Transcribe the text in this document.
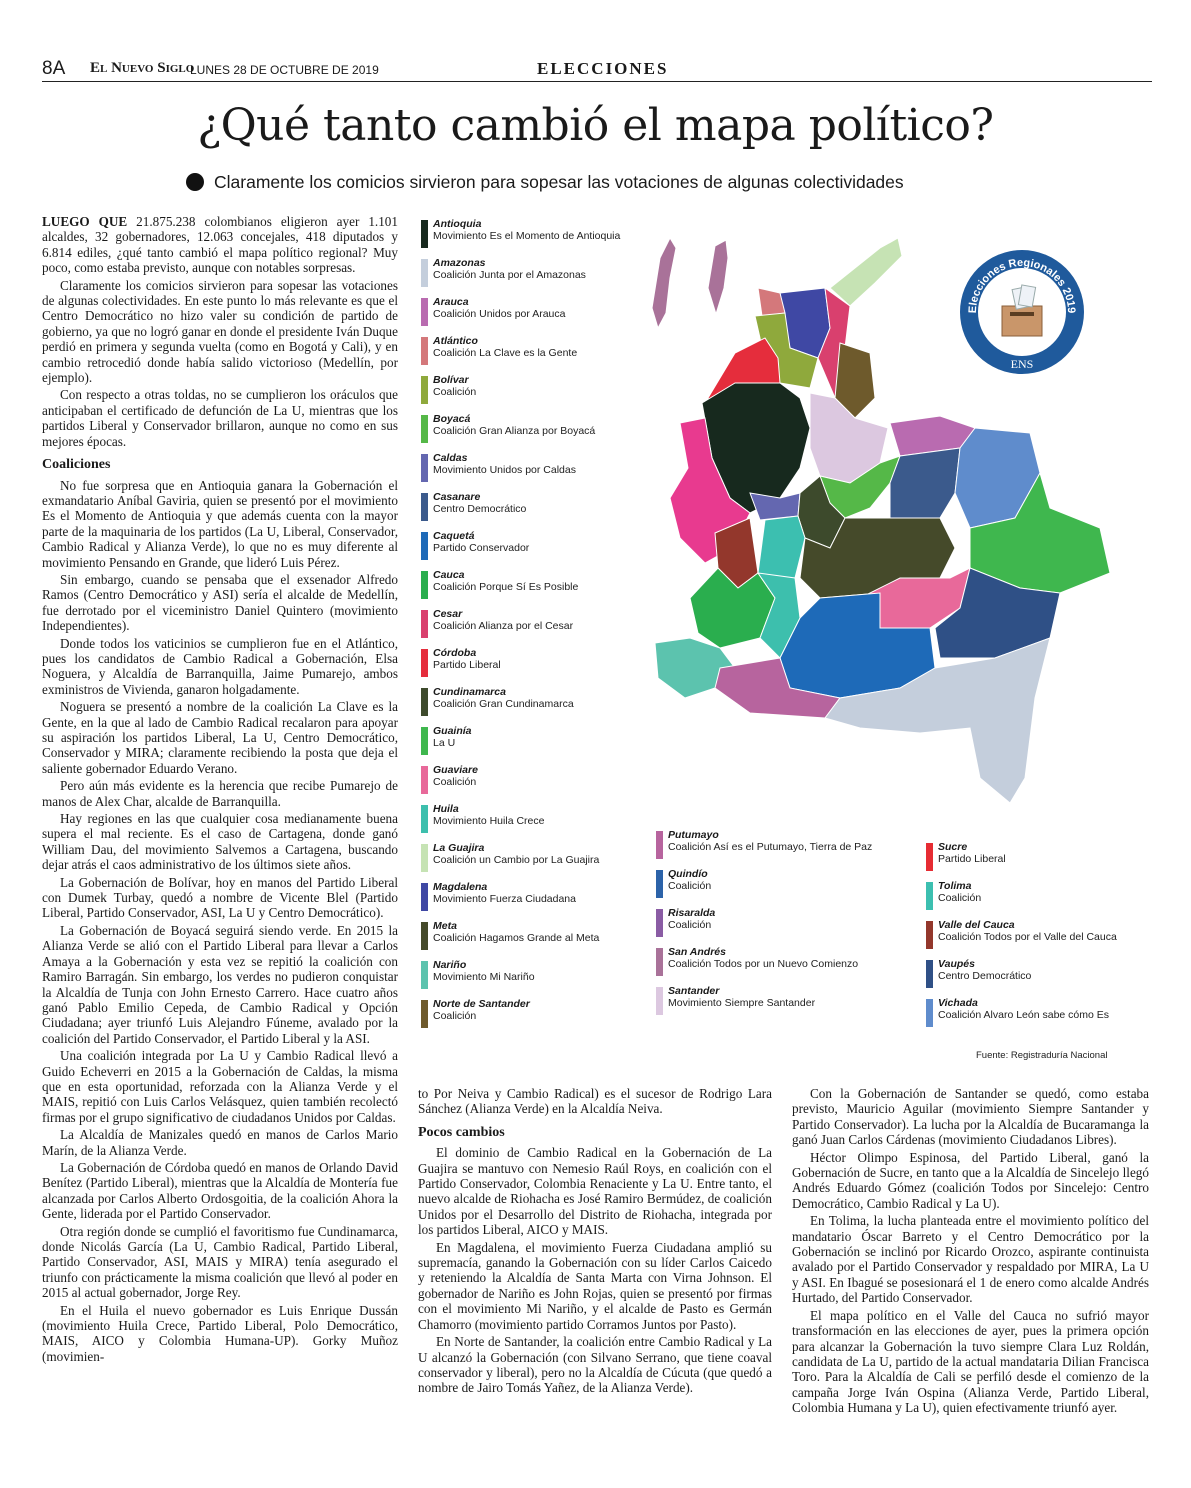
8A El Nuevo Siglo
LUNES 28 DE OCTUBRE DE 2019	ELECCIONES
¿Qué tanto cambió el mapa político?
Claramente los comicios sirvieron para sopesar las votaciones de algunas colectividades

LUEGO QUE 21.875.238 colombianos eligieron ayer 1.101 alcaldes, 32 gobernadores, 12.063 concejales, 418 diputados y 6.814 ediles, ¿qué tanto cambió el mapa político regional? Muy poco, como estaba previsto, aunque con notables sorpresas.

Claramente los comicios sirvieron para sopesar las votaciones de algunas colectividades. En este punto lo más relevante es que el Centro Democrático no hizo valer su condición de partido de gobierno, ya que no logró ganar en donde el presidente Iván Duque perdió en primera y segunda vuelta (como en Bogotá y Cali), y en cambio retrocedió donde había salido victorioso (Medellín, por ejemplo).

Con respecto a otras toldas, no se cumplieron los oráculos que anticipaban el certificado de defunción de La U, mientras que los partidos Liberal y Conservador brillaron, aunque no como en sus mejores épocas.

Coaliciones

No fue sorpresa que en Antioquia ganara la Gobernación el exmandatario Aníbal Gaviria, quien se presentó por el movimiento Es el Momento de Antioquia y que además cuenta con la mayor parte de la maquinaria de los partidos (La U, Liberal, Conservador, Cambio Radical y Alianza Verde), lo que no es muy diferente al movimiento Pensando en Grande, que lideró Luis Pérez.

Sin embargo, cuando se pensaba que el exsenador Alfredo Ramos (Centro Democrático y ASI) sería el alcalde de Medellín, fue derrotado por el viceministro Daniel Quintero (movimiento Independientes).

Donde todos los vaticinios se cumplieron fue en el Atlántico, pues los candidatos de Cambio Radical a Gobernación, Elsa Noguera, y Alcaldía de Barranquilla, Jaime Pumarejo, ambos exministros de Vivienda, ganaron holgadamente.

Noguera se presentó a nombre de la coalición La Clave es la Gente, en la que al lado de Cambio Radical recalaron para apoyar su aspiración los partidos Liberal, La U, Centro Democrático, Conservador y MIRA; claramente recibiendo la posta que deja el saliente gobernador Eduardo Verano.

Pero aún más evidente es la herencia que recibe Pumarejo de manos de Alex Char, alcalde de Barranquilla.

Hay regiones en las que cualquier cosa medianamente buena supera el mal reciente. Es el caso de Cartagena, donde ganó William Dau, del movimiento Salvemos a Cartagena, buscando dejar atrás el caos administrativo de los últimos siete años.

La Gobernación de Bolívar, hoy en manos del Partido Liberal con Dumek Turbay, quedó a nombre de Vicente Blel (Partido Liberal, Partido Conservador, ASI, La U y Centro Democrático).

La Gobernación de Boyacá seguirá siendo verde. En 2015 la Alianza Verde se alió con el Partido Liberal para llevar a Carlos Amaya a la Gobernación y esta vez se repitió la coalición con Ramiro Barragán. Sin embargo, los verdes no pudieron conquistar la Alcaldía de Tunja con John Ernesto Carrero. Hace cuatro años ganó Pablo Emilio Cepeda, de Cambio Radical y Opción Ciudadana; ayer triunfó Luis Alejandro Fúneme, avalado por la coalición del Partido Conservador, el Partido Liberal y la ASI.

Una coalición integrada por La U y Cambio Radical llevó a Guido Echeverri en 2015 a la Gobernación de Caldas, la misma que en esta oportunidad, reforzada con la Alianza Verde y el MAIS, repitió con Luis Carlos Velásquez, quien también recolectó firmas por el grupo significativo de ciudadanos Unidos por Caldas.

La Alcaldía de Manizales quedó en manos de Carlos Mario Marín, de la Alianza Verde.

La Gobernación de Córdoba quedó en manos de Orlando David Benítez (Partido Liberal), mientras que la Alcaldía de Montería fue alcanzada por Carlos Alberto Ordosgoitia, de la coalición Ahora la Gente, liderada por el Partido Conservador.

Otra región donde se cumplió el favoritismo fue Cundinamarca, donde Nicolás García (La U, Cambio Radical, Partido Liberal, Partido Conservador, ASI, MAIS y MIRA) tenía asegurado el triunfo con prácticamente la misma coalición que llevó al poder en 2015 al actual gobernador, Jorge Rey.

En el Huila el nuevo gobernador es Luis Enrique Dussán (movimiento Huila Crece, Partido Liberal, Polo Democrático, MAIS, AICO y Colombia Humana-UP). Gorky Muñoz (movimien-

to Por Neiva y Cambio Radical) es el sucesor de Rodrigo Lara Sánchez (Alianza Verde) en la Alcaldía Neiva.

Pocos cambios

El dominio de Cambio Radical en la Gobernación de La Guajira se mantuvo con Nemesio Raúl Roys, en coalición con el Partido Conservador, Colombia Renaciente y La U. Entre tanto, el nuevo alcalde de Riohacha es José Ramiro Bermúdez, de coalición Unidos por el Desarrollo del Distrito de Riohacha, integrada por los partidos Liberal, AICO y MAIS.

En Magdalena, el movimiento Fuerza Ciudadana amplió su supremacía, ganando la Gobernación con su líder Carlos Caicedo y reteniendo la Alcaldía de Santa Marta con Virna Johnson. El gobernador de Nariño es John Rojas, quien se presentó por firmas con el movimiento Mi Nariño, y el alcalde de Pasto es Germán Chamorro (movimiento partido Corramos Juntos por Pasto).

En Norte de Santander, la coalición entre Cambio Radical y La U alcanzó la Gobernación (con Silvano Serrano, que tiene coaval conservador y liberal), pero no la Alcaldía de Cúcuta (que quedó a nombre de Jairo Tomás Yañez, de la Alianza Verde).

Con la Gobernación de Santander se quedó, como estaba previsto, Mauricio Aguilar (movimiento Siempre Santander y Partido Conservador). La lucha por la Alcaldía de Bucaramanga la ganó Juan Carlos Cárdenas (movimiento Ciudadanos Libres).

Héctor Olimpo Espinosa, del Partido Liberal, ganó la Gobernación de Sucre, en tanto que a la Alcaldía de Sincelejo llegó Andrés Eduardo Gómez (coalición Todos por Sincelejo: Centro Democrático, Cambio Radical y La U).

En Tolima, la lucha planteada entre el movimiento político del mandatario Óscar Barreto y el Centro Democrático por la Gobernación se inclinó por Ricardo Orozco, aspirante continuista avalado por el Partido Conservador y respaldado por MIRA, La U y ASI. En Ibagué se posesionará el 1 de enero como alcalde Andrés Hurtado, del Partido Conservador.

El mapa político en el Valle del Cauca no sufrió mayor transformación en las elecciones de ayer, pues la primera opción para alcanzar la Gobernación la tuvo siempre Clara Luz Roldán, candidata de La U, partido de la actual mandataria Dilian Francisca Toro. Para la Alcaldía de Cali se perfiló desde el comienzo de la campaña Jorge Iván Ospina (Alianza Verde, Partido Liberal, Colombia Humana y La U), quien efectivamente triunfó ayer.

Antioquia
Movimiento Es el Momento de Antioquia
Amazonas
Coalición Junta por el Amazonas
Arauca
Coalición Unidos por Arauca
Atlántico
Coalición La Clave es la Gente
Bolívar
Coalición
Boyacá
Coalición Gran Alianza por Boyacá
Caldas
Movimiento Unidos por Caldas
Casanare
Centro Democrático
Caquetá
Partido Conservador
Cauca
Coalición Porque Sí Es Posible
Cesar
Coalición Alianza por el Cesar
Córdoba
Partido Liberal
Cundinamarca
Coalición Gran Cundinamarca
Guainía
La U
Guaviare
Coalición
Huila
Movimiento Huila Crece
La Guajira
Coalición un Cambio por La Guajira
Magdalena
Movimiento Fuerza Ciudadana
Meta
Coalición Hagamos Grande al Meta
Nariño
Movimiento Mi Nariño
Norte de Santander
Coalición
Putumayo
Coalición Así es el Putumayo, Tierra de Paz
Quindío
Coalición
Risaralda
Coalición
San Andrés
Coalición Todos por un Nuevo Comienzo
Santander
Movimiento Siempre Santander
Sucre
Partido Liberal
Tolima
Coalición
Valle del Cauca
Coalición Todos por el Valle del Cauca
Vaupés
Centro Democrático
Vichada
Coalición Alvaro León sabe cómo Es
Fuente: Registraduría Nacional
Elecciones Regionales 2019
ENS
